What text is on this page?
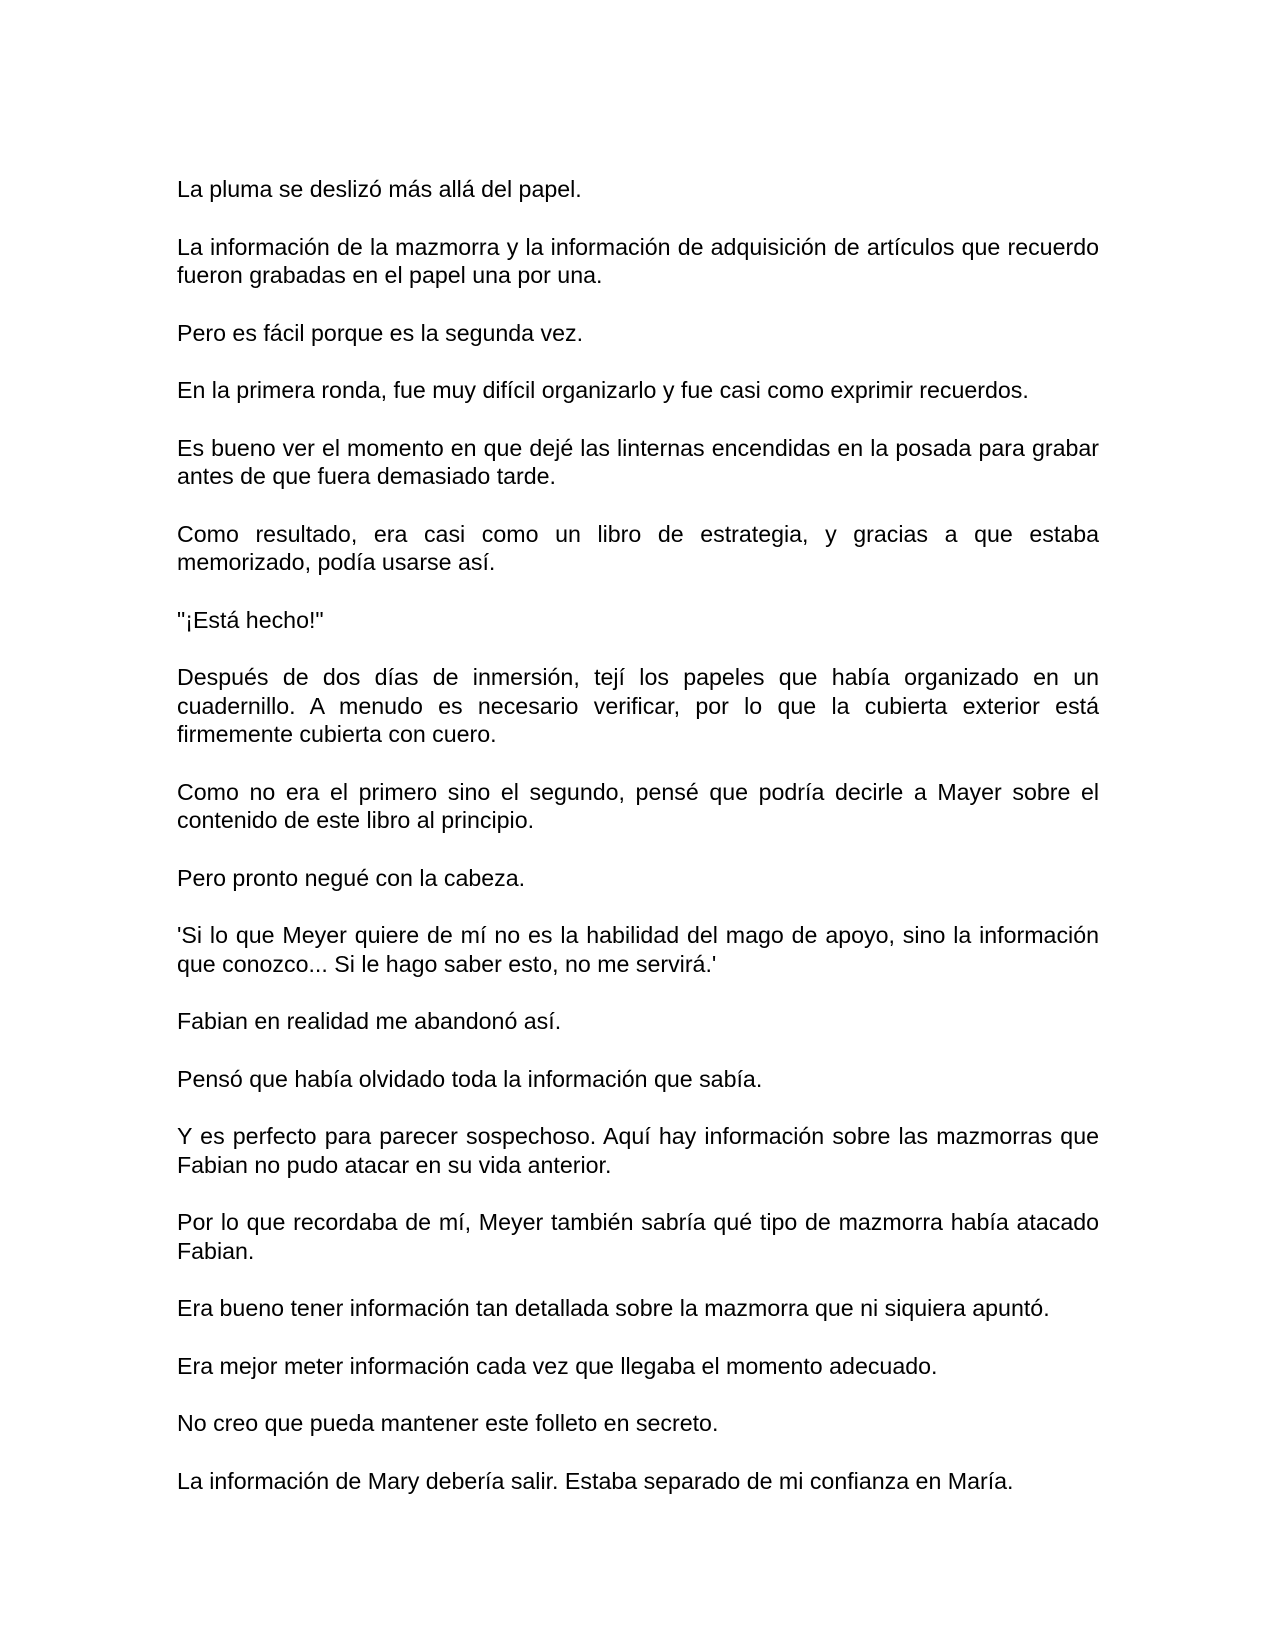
La pluma se deslizó más allá del papel.

La información de la mazmorra y la información de adquisición de artículos que recuerdo fueron grabadas en el papel una por una.

Pero es fácil porque es la segunda vez.

En la primera ronda, fue muy difícil organizarlo y fue casi como exprimir recuerdos.

Es bueno ver el momento en que dejé las linternas encendidas en la posada para grabar antes de que fuera demasiado tarde.

Como resultado, era casi como un libro de estrategia, y gracias a que estaba memorizado, podía usarse así.

"¡Está hecho!"

Después de dos días de inmersión, tejí los papeles que había organizado en un cuadernillo. A menudo es necesario verificar, por lo que la cubierta exterior está firmemente cubierta con cuero.

Como no era el primero sino el segundo, pensé que podría decirle a Mayer sobre el contenido de este libro al principio.

Pero pronto negué con la cabeza.

'Si lo que Meyer quiere de mí no es la habilidad del mago de apoyo, sino la información que conozco... Si le hago saber esto, no me servirá.'

Fabian en realidad me abandonó así.

Pensó que había olvidado toda la información que sabía.

Y es perfecto para parecer sospechoso. Aquí hay información sobre las mazmorras que Fabian no pudo atacar en su vida anterior.

Por lo que recordaba de mí, Meyer también sabría qué tipo de mazmorra había atacado Fabian.

Era bueno tener información tan detallada sobre la mazmorra que ni siquiera apuntó.

Era mejor meter información cada vez que llegaba el momento adecuado.

No creo que pueda mantener este folleto en secreto.

La información de Mary debería salir. Estaba separado de mi confianza en María.
